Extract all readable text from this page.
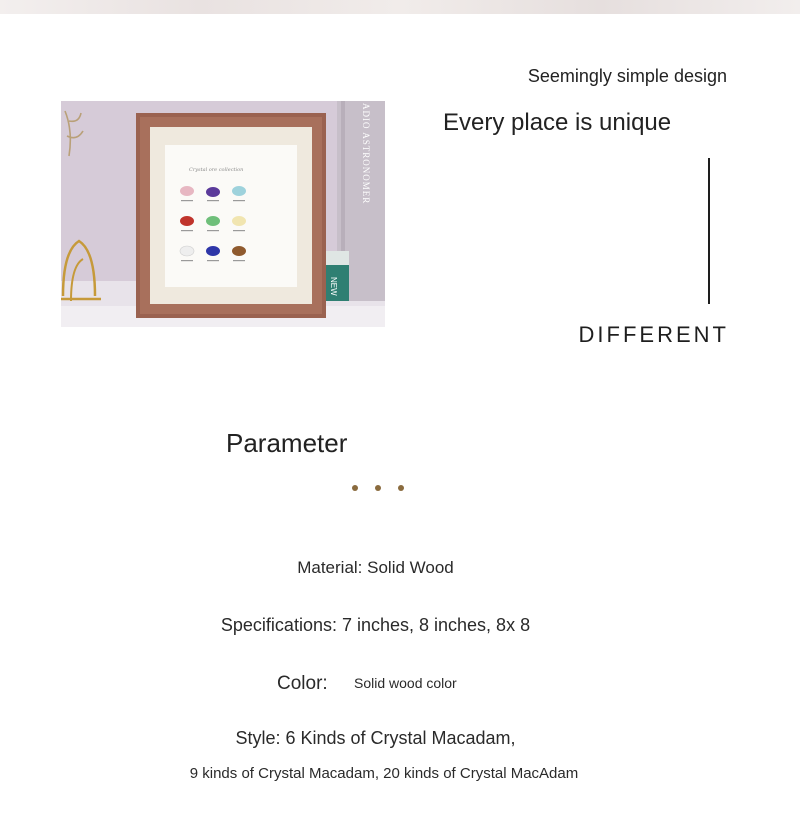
ADIO ASTRONOMER
NEW
Crystal ore collection
Seemingly simple design
Every place is unique
DIFFERENT
Parameter
Material: Solid Wood
Specifications: 7 inches, 8 inches, 8x 8
Color: Solid wood color
Style: 6 Kinds of Crystal Macadam,
9 kinds of Crystal Macadam, 20 kinds of Crystal MacAdam
